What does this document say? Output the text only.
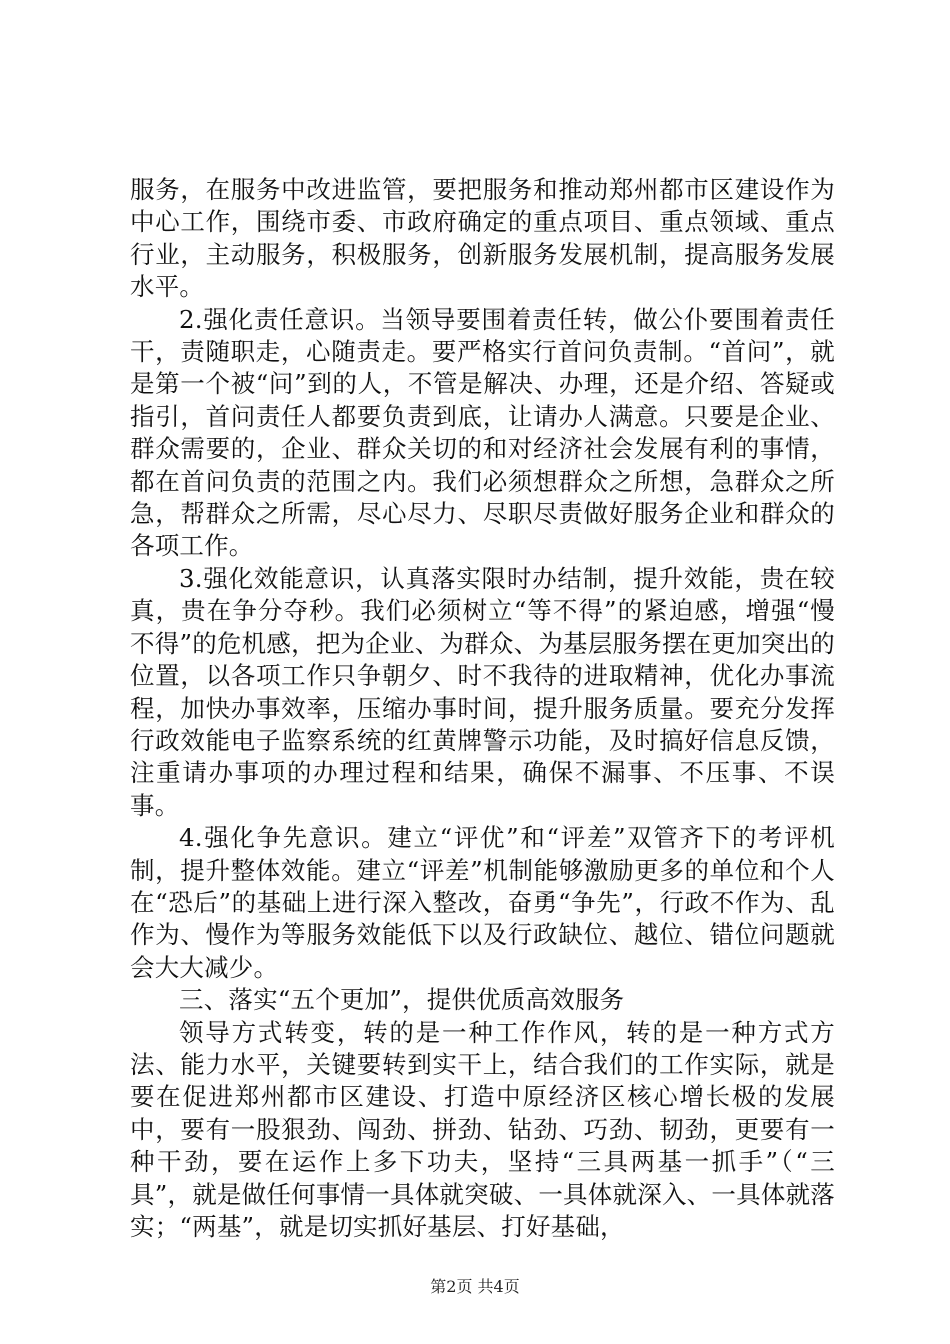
服务，在服务中改进监管，要把服务和推动郑州都市区建设作为中心工作，围绕市委、市政府确定的重点项目、重点领域、重点行业，主动服务，积极服务，创新服务发展机制，提高服务发展水平。

2.强化责任意识。当领导要围着责任转，做公仆要围着责任干，责随职走，心随责走。要严格实行首问负责制。“首问”，就是第一个被“问”到的人，不管是解决、办理，还是介绍、答疑或指引，首问责任人都要负责到底，让请办人满意。只要是企业、群众需要的，企业、群众关切的和对经济社会发展有利的事情，都在首问负责的范围之内。我们必须想群众之所想，急群众之所急，帮群众之所需，尽心尽力、尽职尽责做好服务企业和群众的各项工作。

3.强化效能意识，认真落实限时办结制，提升效能，贵在较真，贵在争分夺秒。我们必须树立“等不得”的紧迫感，增强“慢不得”的危机感，把为企业、为群众、为基层服务摆在更加突出的位置，以各项工作只争朝夕、时不我待的进取精神，优化办事流程，加快办事效率，压缩办事时间，提升服务质量。要充分发挥行政效能电子监察系统的红黄牌警示功能，及时搞好信息反馈，注重请办事项的办理过程和结果，确保不漏事、不压事、不误事。

4.强化争先意识。建立“评优”和“评差”双管齐下的考评机制，提升整体效能。建立“评差”机制能够激励更多的单位和个人在“恐后”的基础上进行深入整改，奋勇“争先”，行政不作为、乱作为、慢作为等服务效能低下以及行政缺位、越位、错位问题就会大大减少。

三、落实“五个更加”，提供优质高效服务

领导方式转变，转的是一种工作作风，转的是一种方式方法、能力水平，关键要转到实干上，结合我们的工作实际，就是要在促进郑州都市区建设、打造中原经济区核心增长极的发展中，要有一股狠劲、闯劲、拼劲、钻劲、巧劲、韧劲，更要有一种干劲，要在运作上多下功夫，坚持“三具两基一抓手”（“三具”，就是做任何事情一具体就突破、一具体就深入、一具体就落实；“两基”，就是切实抓好基层、打好基础，

第2页 共4页
